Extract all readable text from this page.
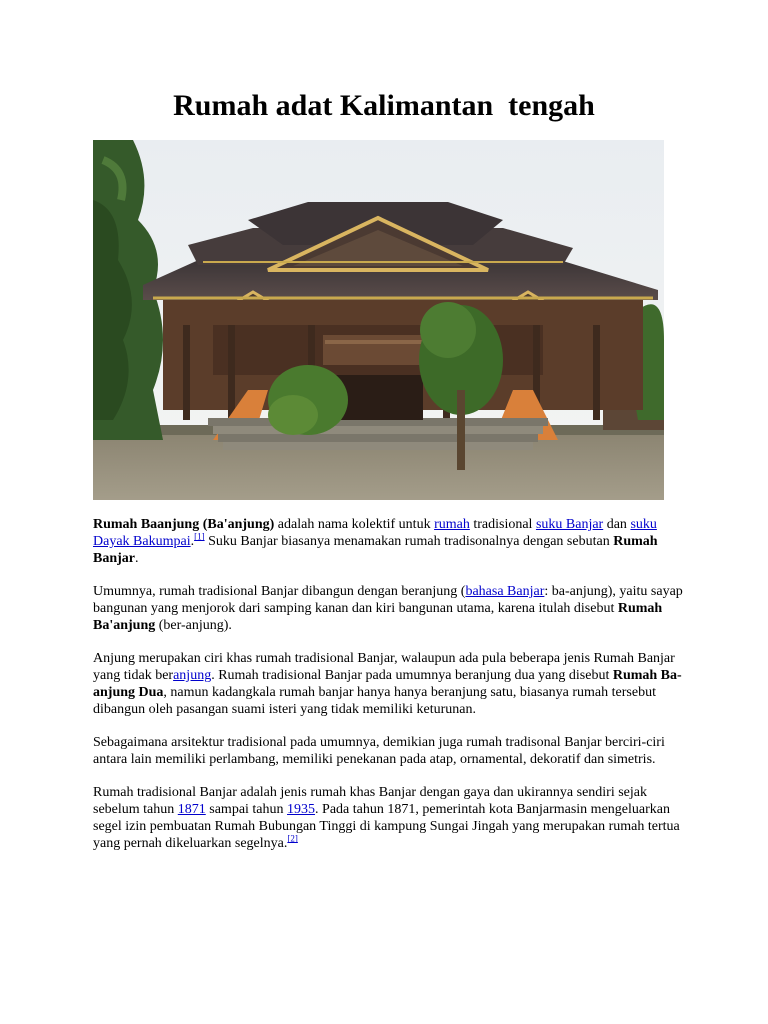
Rumah adat Kalimantan  tengah

Rumah Baanjung (Ba'anjung) adalah nama kolektif untuk rumah tradisional suku Banjar dan suku Dayak Bakumpai.[1] Suku Banjar biasanya menamakan rumah tradisonalnya dengan sebutan Rumah Banjar.

Umumnya, rumah tradisional Banjar dibangun dengan beranjung (bahasa Banjar: ba-anjung), yaitu sayap bangunan yang menjorok dari samping kanan dan kiri bangunan utama, karena itulah disebut Rumah Ba'anjung (ber-anjung).

Anjung merupakan ciri khas rumah tradisional Banjar, walaupun ada pula beberapa jenis Rumah Banjar yang tidak beranjung. Rumah tradisional Banjar pada umumnya beranjung dua yang disebut Rumah Ba-anjung Dua, namun kadangkala rumah banjar hanya hanya beranjung satu, biasanya rumah tersebut dibangun oleh pasangan suami isteri yang tidak memiliki keturunan.

Sebagaimana arsitektur tradisional pada umumnya, demikian juga rumah tradisonal Banjar berciri-ciri antara lain memiliki perlambang, memiliki penekanan pada atap, ornamental, dekoratif dan simetris.

Rumah tradisional Banjar adalah jenis rumah khas Banjar dengan gaya dan ukirannya sendiri sejak sebelum tahun 1871 sampai tahun 1935. Pada tahun 1871, pemerintah kota Banjarmasin mengeluarkan segel izin pembuatan Rumah Bubungan Tinggi di kampung Sungai Jingah yang merupakan rumah tertua yang pernah dikeluarkan segelnya.[2]
